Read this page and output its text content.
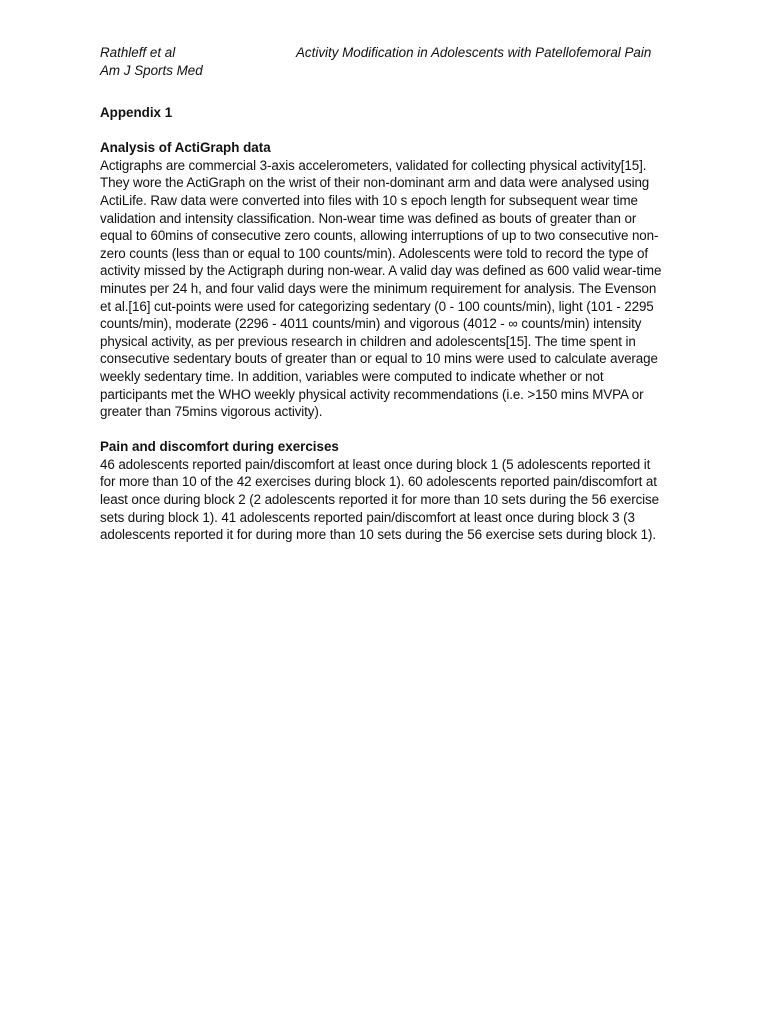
Rathleff et al
Am J Sports Med
Activity Modification in Adolescents with Patellofemoral Pain

Appendix 1

Analysis of ActiGraph data

Actigraphs are commercial 3-axis accelerometers, validated for collecting physical activity[15]. They wore the ActiGraph on the wrist of their non-dominant arm and data were analysed using ActiLife. Raw data were converted into files with 10 s epoch length for subsequent wear time validation and intensity classification. Non-wear time was defined as bouts of greater than or equal to 60mins of consecutive zero counts, allowing interruptions of up to two consecutive non-zero counts (less than or equal to 100 counts/min). Adolescents were told to record the type of activity missed by the Actigraph during non-wear. A valid day was defined as 600 valid wear-time minutes per 24 h, and four valid days were the minimum requirement for analysis. The Evenson et al.[16] cut-points were used for categorizing sedentary (0 - 100 counts/min), light (101 - 2295 counts/min), moderate (2296 - 4011 counts/min) and vigorous (4012 - ∞ counts/min) intensity physical activity, as per previous research in children and adolescents[15]. The time spent in consecutive sedentary bouts of greater than or equal to 10 mins were used to calculate average weekly sedentary time. In addition, variables were computed to indicate whether or not participants met the WHO weekly physical activity recommendations (i.e. >150 mins MVPA or greater than 75mins vigorous activity).

Pain and discomfort during exercises

46 adolescents reported pain/discomfort at least once during block 1 (5 adolescents reported it for more than 10 of the 42 exercises during block 1). 60 adolescents reported pain/discomfort at least once during block 2 (2 adolescents reported it for more than 10 sets during the 56 exercise sets during block 1). 41 adolescents reported pain/discomfort at least once during block 3 (3 adolescents reported it for during more than 10 sets during the 56 exercise sets during block 1).
